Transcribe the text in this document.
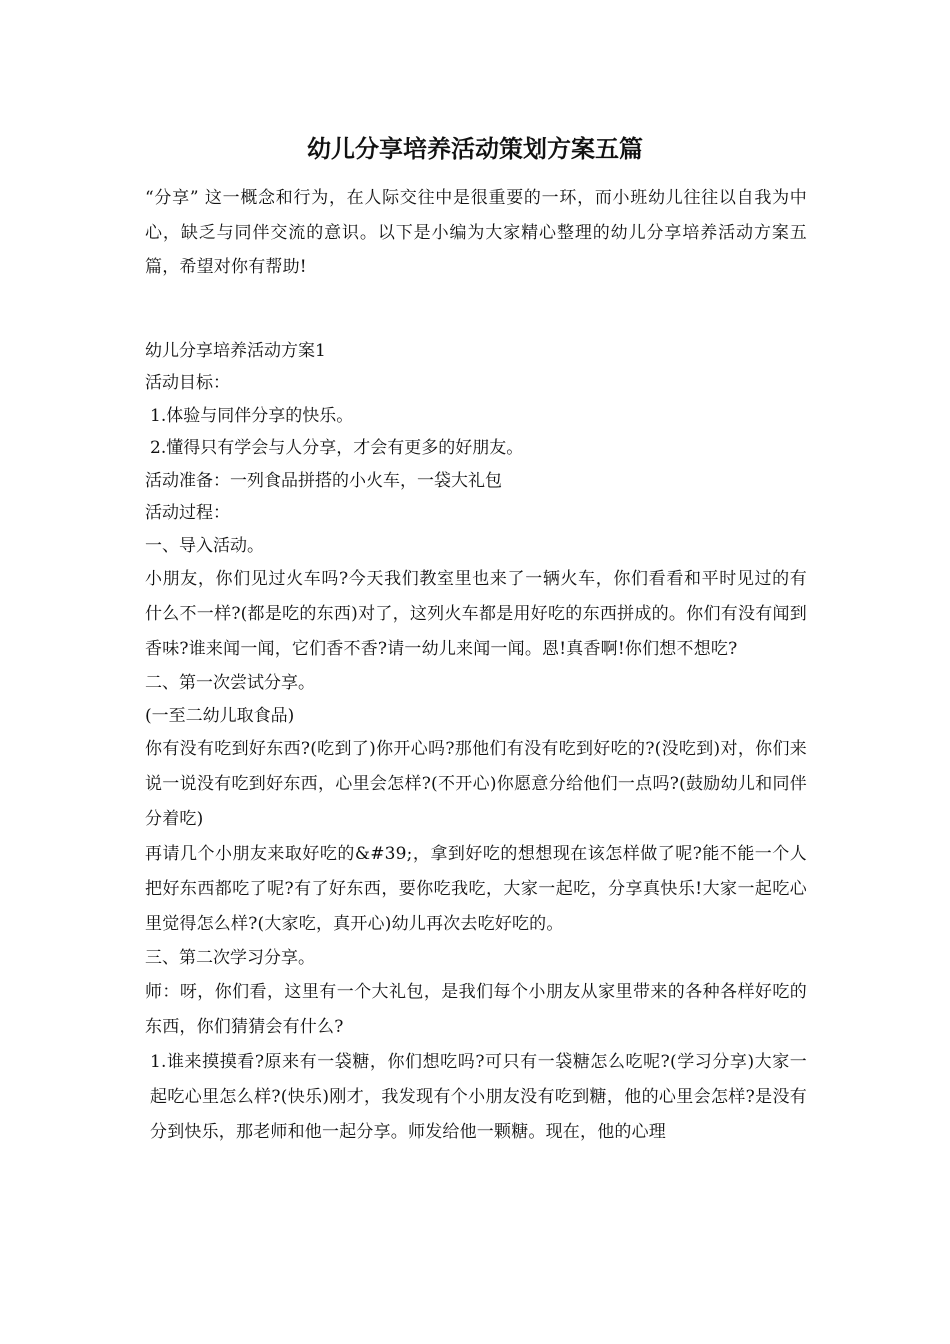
幼儿分享培养活动策划方案五篇

“分享” 这一概念和行为，在人际交往中是很重要的一环，而小班幼儿往往以自我为中心，缺乏与同伴交流的意识。以下是小编为大家精心整理的幼儿分享培养活动方案五篇，希望对你有帮助!

幼儿分享培养活动方案1

活动目标：

1.体验与同伴分享的快乐。

2.懂得只有学会与人分享，才会有更多的好朋友。

活动准备：一列食品拼搭的小火车，一袋大礼包

活动过程：

一、导入活动。

小朋友，你们见过火车吗?今天我们教室里也来了一辆火车，你们看看和平时见过的有什么不一样?(都是吃的东西)对了，这列火车都是用好吃的东西拼成的。你们有没有闻到香味?谁来闻一闻，它们香不香?请一幼儿来闻一闻。恩!真香啊!你们想不想吃?

二、第一次尝试分享。

(一至二幼儿取食品)

你有没有吃到好东西?(吃到了)你开心吗?那他们有没有吃到好吃的?(没吃到)对，你们来说一说没有吃到好东西，心里会怎样?(不开心)你愿意分给他们一点吗?(鼓励幼儿和同伴分着吃)

再请几个小朋友来取好吃的&#39;，拿到好吃的想想现在该怎样做了呢?能不能一个人把好东西都吃了呢?有了好东西，要你吃我吃，大家一起吃，分享真快乐!大家一起吃心里觉得怎么样?(大家吃，真开心)幼儿再次去吃好吃的。

三、第二次学习分享。

师：呀，你们看，这里有一个大礼包，是我们每个小朋友从家里带来的各种各样好吃的东西，你们猜猜会有什么?

1.谁来摸摸看?原来有一袋糖，你们想吃吗?可只有一袋糖怎么吃呢?(学习分享)大家一起吃心里怎么样?(快乐)刚才，我发现有个小朋友没有吃到糖，他的心里会怎样?是没有分到快乐，那老师和他一起分享。师发给他一颗糖。现在，他的心理
